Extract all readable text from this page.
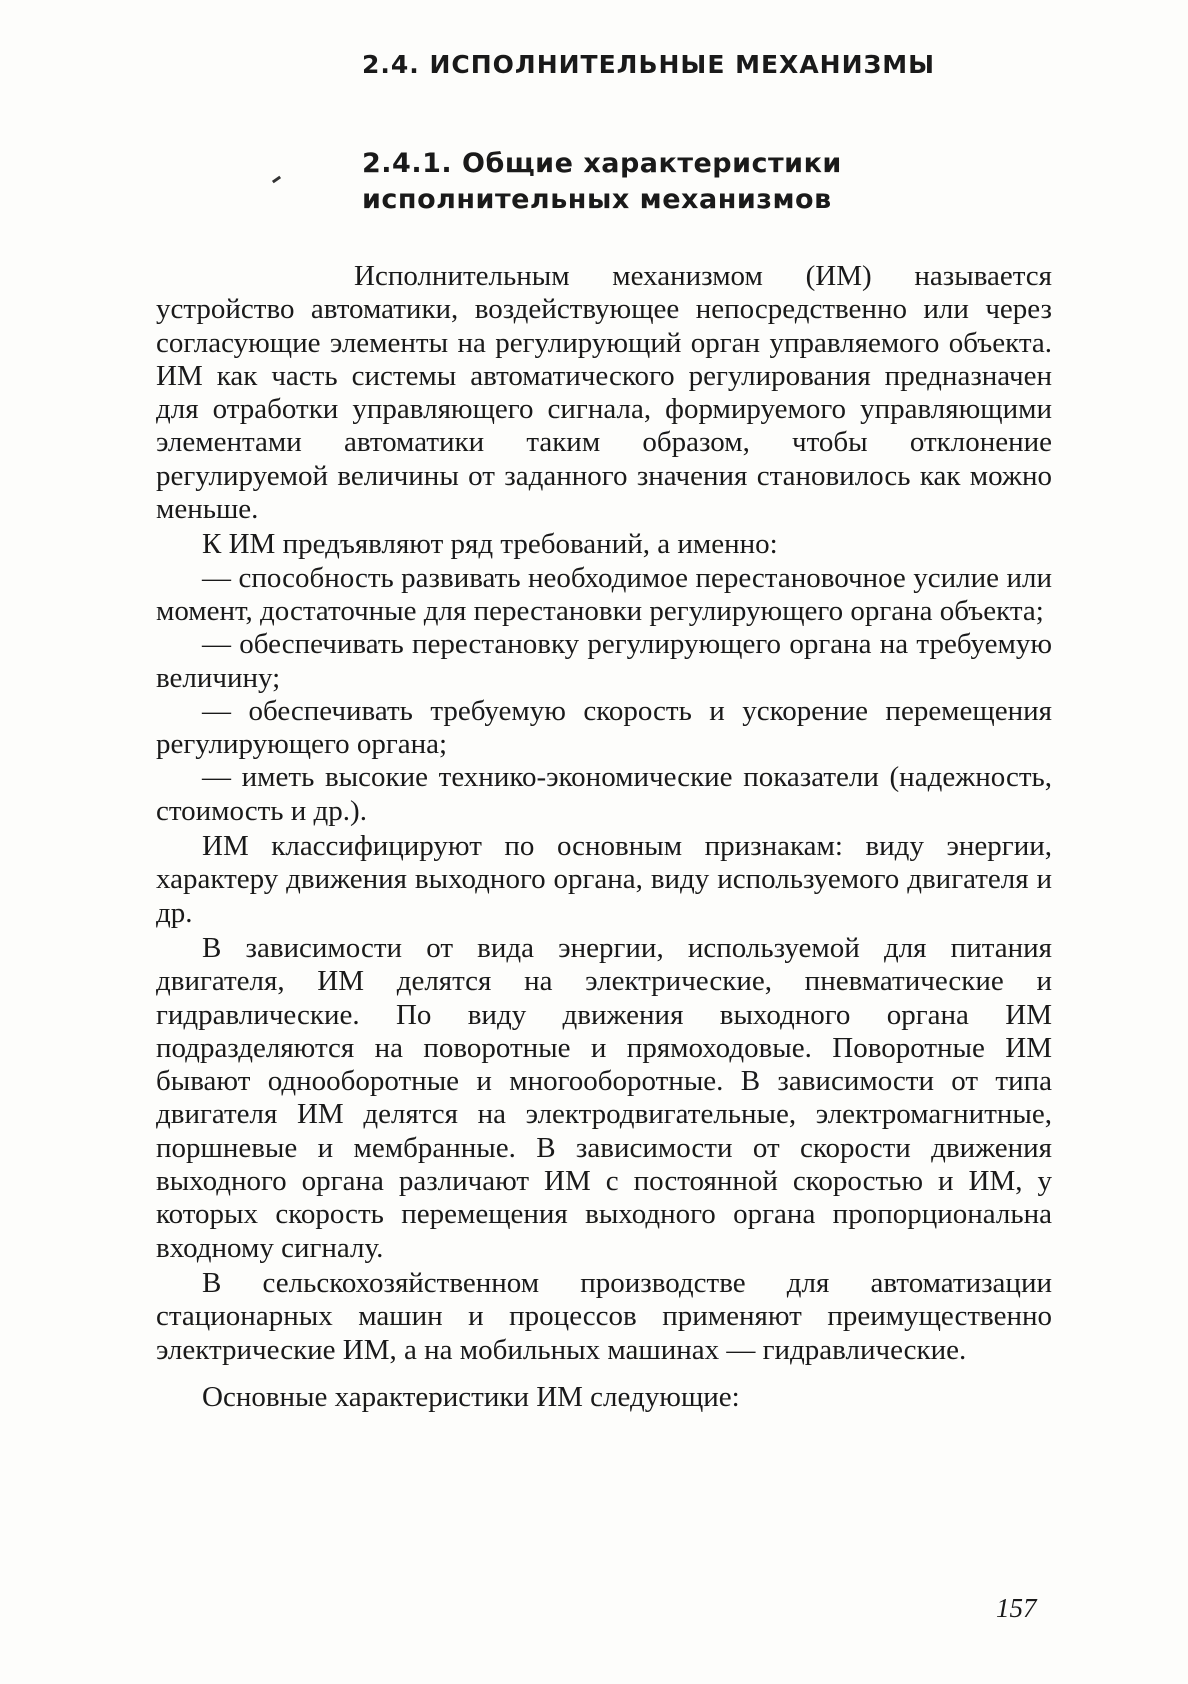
2.4. ИСПОЛНИТЕЛЬНЫЕ МЕХАНИЗМЫ
2.4.1. Общие характеристики
исполнительных механизмов

Исполнительным механизмом (ИМ) называется устройство автоматики, воздействующее непосредственно или через согласующие элементы на регулирующий орган управляемого объекта. ИМ как часть системы автоматического регулирования предназначен для отработки управляющего сигнала, формируемого управляющими элементами автоматики таким образом, чтобы отклонение регулируемой величины от заданного значения становилось как можно меньше.

К ИМ предъявляют ряд требований, а именно:

— способность развивать необходимое перестановочное усилие или момент, достаточные для перестановки регулирующего органа объекта;

— обеспечивать перестановку регулирующего органа на требуемую величину;

— обеспечивать требуемую скорость и ускорение перемещения регулирующего органа;

— иметь высокие технико-экономические показатели (надежность, стоимость и др.).

ИМ классифицируют по основным признакам: виду энергии, характеру движения выходного органа, виду используемого двигателя и др.

В зависимости от вида энергии, используемой для питания двигателя, ИМ делятся на электрические, пневматические и гидравлические. По виду движения выходного органа ИМ подразделяются на поворотные и прямоходовые. Поворотные ИМ бывают однооборотные и многооборотные. В зависимости от типа двигателя ИМ делятся на электродвигательные, электромагнитные, поршневые и мембранные. В зависимости от скорости движения выходного органа различают ИМ с постоянной скоростью и ИМ, у которых скорость перемещения выходного органа пропорциональна входному сигналу.

В сельскохозяйственном производстве для автоматизации стационарных машин и процессов применяют преимущественно электрические ИМ, а на мобильных машинах — гидравлические.

Основные характеристики ИМ следующие:

157
